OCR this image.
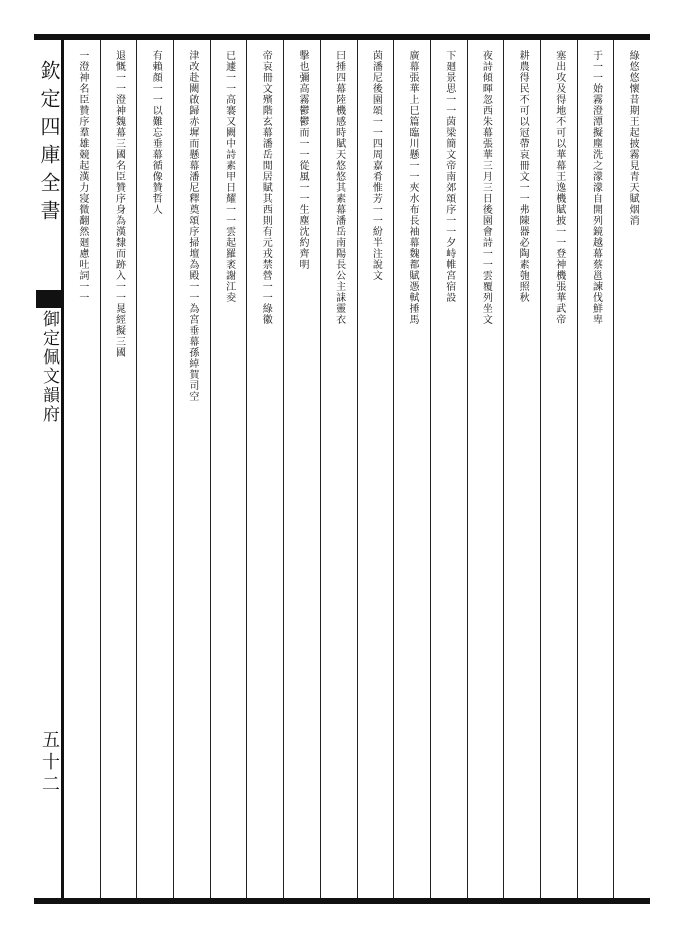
欽定四庫全書
御定佩文韻府
五十二
綠悠悠懷昔期王起披霧見青天賦烟消
于一一始霧澄潭擬塵洗之濛濛自開列鏡越幕蔡邕諫伐鮮卑
塞出攻及得地不可以華幕王逸機賦披一一登神機張華武帝
耕農得民不可以冠帶哀冊文一一弗陳器必陶素匏照秋
夜詩傾暉忽西朱幕張華三月三日後園會詩一一雲覆列坐文
下廻景思一一茵梁簡文帝南郊頌序一一夕峙帷宮宿設
廣幕張華上巳篇臨川懸一一夾水布長袖幕魏都賦憑軾捶馬
茵潘尼後園頌一一四周嘉肴惟芳一一紛半注說文
曰捶四幕陸機感時賦天悠悠其素幕潘岳南陽長公主誄靈衣
擊也彌高霧鬱鬱而一一從風一一生塵沈約齊明
帝哀冊文殯階玄幕潘岳閒居賦其西則有元戎禁營一一綠徽
已遽一一高褰又闕中詩素甲日耀一一雲起羅袤謝江夌
津改赴闕啟歸赤墀而懸幕潘尼釋奠頌序掃壇為殿一一為宮垂幕孫綽賀司空
有賴顏一一以難忘垂幕循像贊哲人
退慨一一澄神魏幕三國名臣贊序身為漢隸而跡入一一晁經擬三國
一澄神名臣贊序羣雄競起漢力寖微翻然廻慮吐詞一一
